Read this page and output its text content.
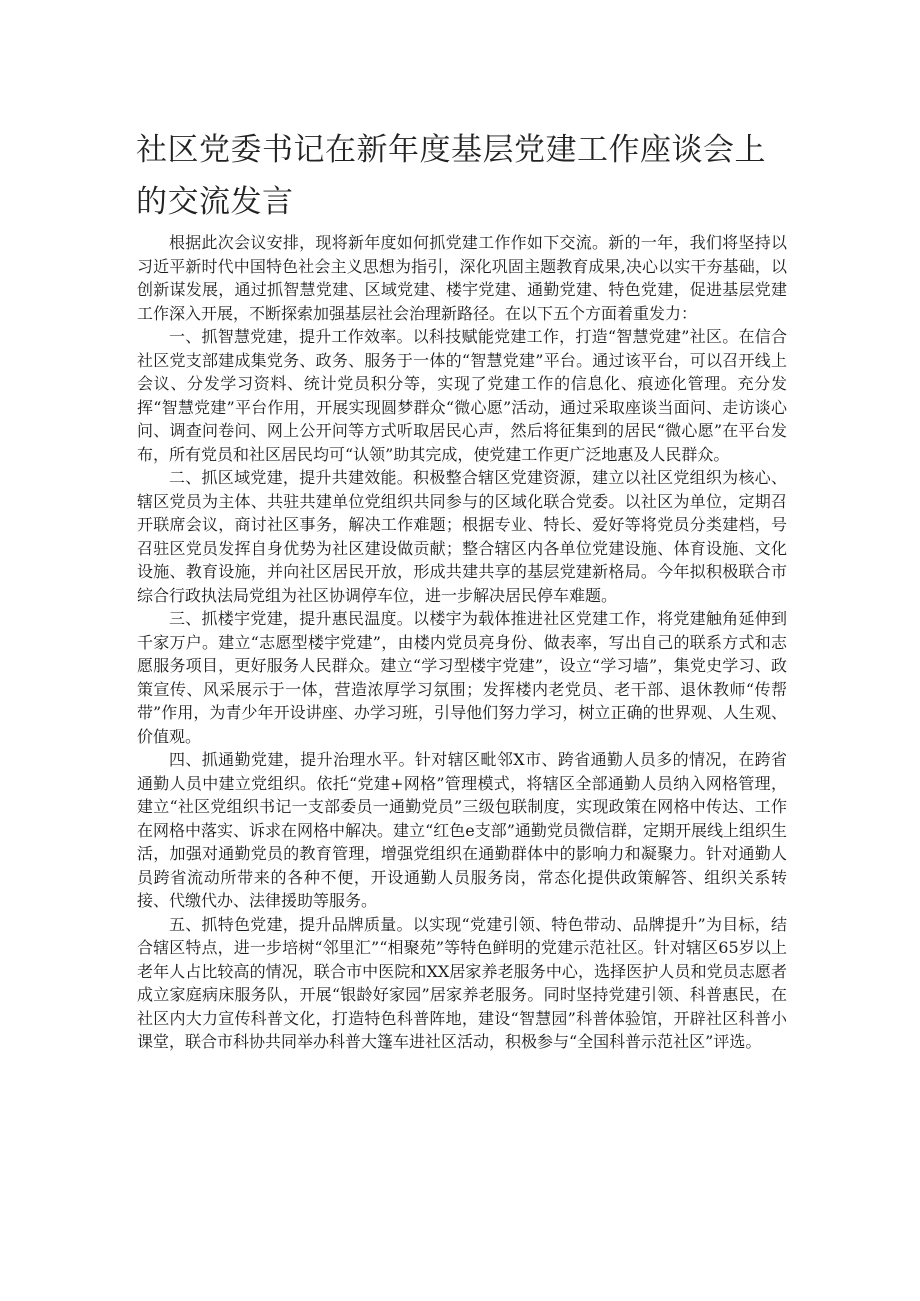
社区党委书记在新年度基层党建工作座谈会上的交流发言

根据此次会议安排，现将新年度如何抓党建工作作如下交流。新的一年，我们将坚持以习近平新时代中国特色社会主义思想为指引，深化巩固主题教育成果,决心以实干夯基础，以创新谋发展，通过抓智慧党建、区域党建、楼宇党建、通勤党建、特色党建，促进基层党建工作深入开展，不断探索加强基层社会治理新路径。在以下五个方面着重发力：

一、抓智慧党建，提升工作效率。以科技赋能党建工作，打造“智慧党建”社区。在信合社区党支部建成集党务、政务、服务于一体的“智慧党建”平台。通过该平台，可以召开线上会议、分发学习资料、统计党员积分等，实现了党建工作的信息化、痕迹化管理。充分发挥“智慧党建”平台作用，开展实现圆梦群众“微心愿”活动，通过采取座谈当面问、走访谈心问、调查问卷问、网上公开问等方式听取居民心声，然后将征集到的居民“微心愿”在平台发布，所有党员和社区居民均可“认领”助其完成，使党建工作更广泛地惠及人民群众。

二、抓区域党建，提升共建效能。积极整合辖区党建资源，建立以社区党组织为核心、辖区党员为主体、共驻共建单位党组织共同参与的区域化联合党委。以社区为单位，定期召开联席会议，商讨社区事务，解决工作难题；根据专业、特长、爱好等将党员分类建档，号召驻区党员发挥自身优势为社区建设做贡献；整合辖区内各单位党建设施、体育设施、文化设施、教育设施，并向社区居民开放，形成共建共享的基层党建新格局。今年拟积极联合市综合行政执法局党组为社区协调停车位，进一步解决居民停车难题。

三、抓楼宇党建，提升惠民温度。以楼宇为载体推进社区党建工作，将党建触角延伸到千家万户。建立“志愿型楼宇党建”，由楼内党员亮身份、做表率，写出自己的联系方式和志愿服务项目，更好服务人民群众。建立“学习型楼宇党建”，设立“学习墙”，集党史学习、政策宣传、风采展示于一体，营造浓厚学习氛围；发挥楼内老党员、老干部、退休教师“传帮带”作用，为青少年开设讲座、办学习班，引导他们努力学习，树立正确的世界观、人生观、价值观。

四、抓通勤党建，提升治理水平。针对辖区毗邻X市、跨省通勤人员多的情况，在跨省通勤人员中建立党组织。依托“党建+网格”管理模式，将辖区全部通勤人员纳入网格管理，建立“社区党组织书记一支部委员一通勤党员”三级包联制度，实现政策在网格中传达、工作在网格中落实、诉求在网格中解决。建立“红色e支部”通勤党员微信群，定期开展线上组织生活，加强对通勤党员的教育管理，增强党组织在通勤群体中的影响力和凝聚力。针对通勤人员跨省流动所带来的各种不便，开设通勤人员服务岗，常态化提供政策解答、组织关系转接、代缴代办、法律援助等服务。

五、抓特色党建，提升品牌质量。以实现“党建引领、特色带动、品牌提升”为目标，结合辖区特点，进一步培树“邻里汇”“相聚苑”等特色鲜明的党建示范社区。针对辖区65岁以上老年人占比较高的情况，联合市中医院和XX居家养老服务中心，选择医护人员和党员志愿者成立家庭病床服务队，开展“银龄好家园”居家养老服务。同时坚持党建引领、科普惠民，在社区内大力宣传科普文化，打造特色科普阵地，建设“智慧园”科普体验馆，开辟社区科普小课堂，联合市科协共同举办科普大篷车进社区活动，积极参与“全国科普示范社区”评选。
